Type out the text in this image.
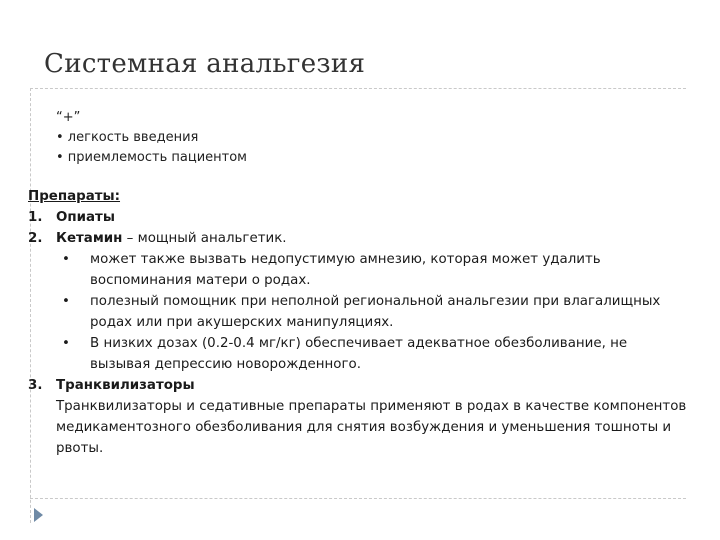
Системная анальгезия
“+”
• легкость введения
• приемлемость пациентом
Препараты:
1. Опиаты
2. Кетамин – мощный анальгетик.
• может также вызвать недопустимую амнезию, которая может удалить воспоминания матери о родах.
• полезный помощник при неполной региональной анальгезии при влагалищных родах или при акушерских манипуляциях.
• В низких дозах (0.2-0.4 мг/кг) обеспечивает адекватное обезболивание, не вызывая депрессию новорожденного.
3. Транквилизаторы
Транквилизаторы и седативные препараты применяют в родах в качестве компонентов медикаментозного обезболивания для снятия возбуждения и уменьшения тошноты и рвоты.
